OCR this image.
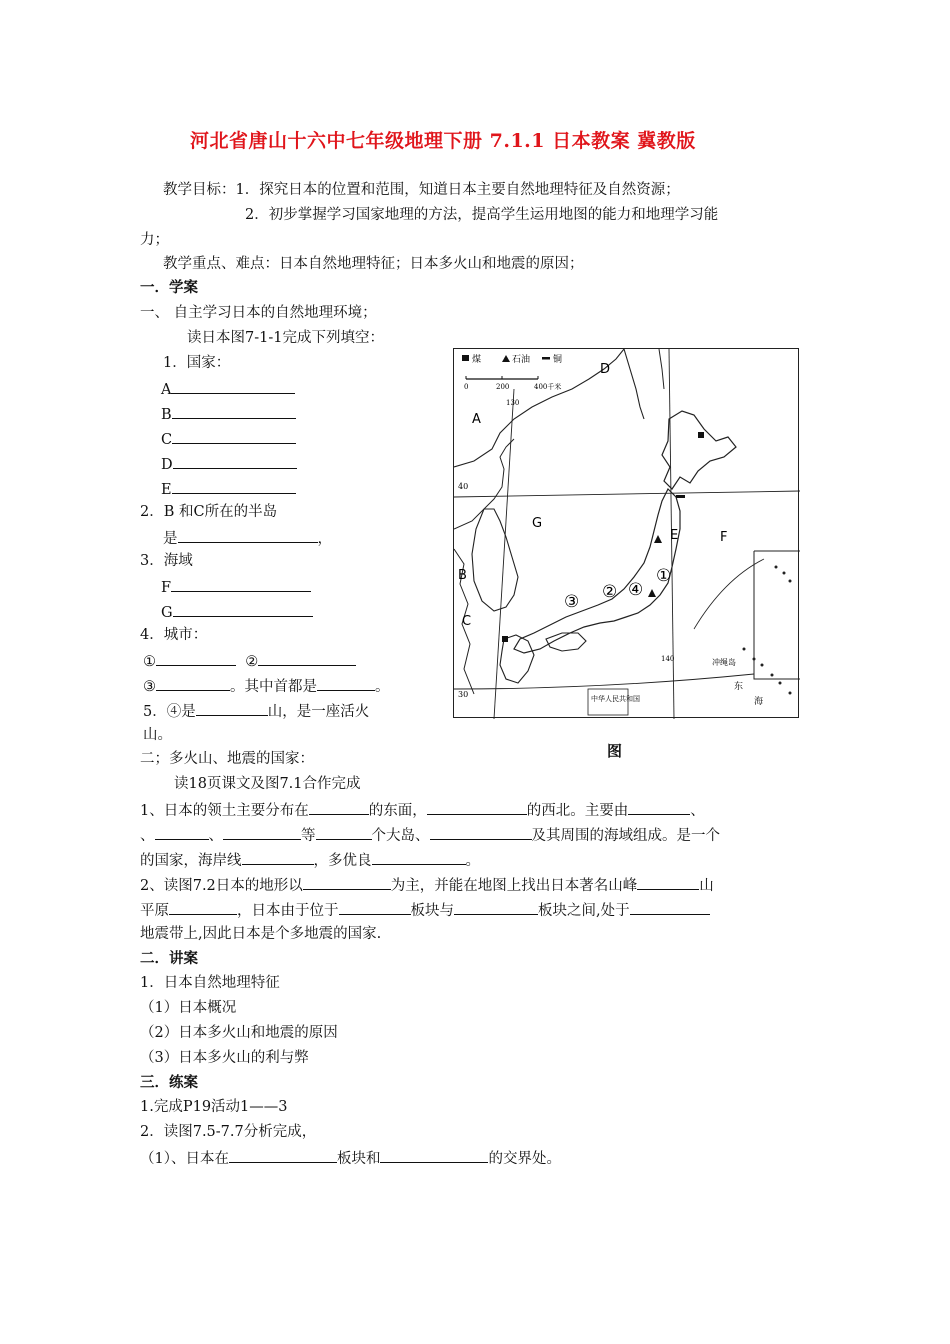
河北省唐山十六中七年级地理下册 7.1.1 日本教案 冀教版
教学目标：1．探究日本的位置和范围，知道日本主要自然地理特征及自然资源；
2．初步掌握学习国家地理的方法，提高学生运用地图的能力和地理学习能
力；
教学重点、难点：日本自然地理特征；日本多火山和地震的原因；
一．学案
一、 自主学习日本的自然地理环境；
读日本图7-1-1完成下列填空：
1．国家：
A
B
C
D
E
2．B 和C所在的半岛
是	，
3．海域
F
G
4．城市：
①	②
③	。其中首都是	。
5．④是	山，是一座活火
山。
二；多火山、地震的国家：
读18页课文及图7.1合作完成
1、日本的领土主要分布在	的东面，	的西北。主要由	、
、	、	等	个大岛、	及其周围的海域组成。是一个
的国家，海岸线	，多优良	。
2、读图7.2日本的地形以	为主，并能在地图上找出日本著名山峰	山
平原	，日本由于位于	板块与	板块之间,处于
地震带上,因此日本是个多地震的国家.
二．讲案
1．日本自然地理特征
（1）日本概况
（2）日本多火山和地震的原因
（3）日本多火山的利与弊
三．练案
1.完成P19活动1——3
2．读图7.5-7.7分析完成，
（1）、日本在	板块和	的交界处。
煤	石油	铜
0	200	400千米
40
30
130
140	冲绳岛
东
海
中华人民共和国
D
A
E	F
G
B
C
①
②
③
④
图
